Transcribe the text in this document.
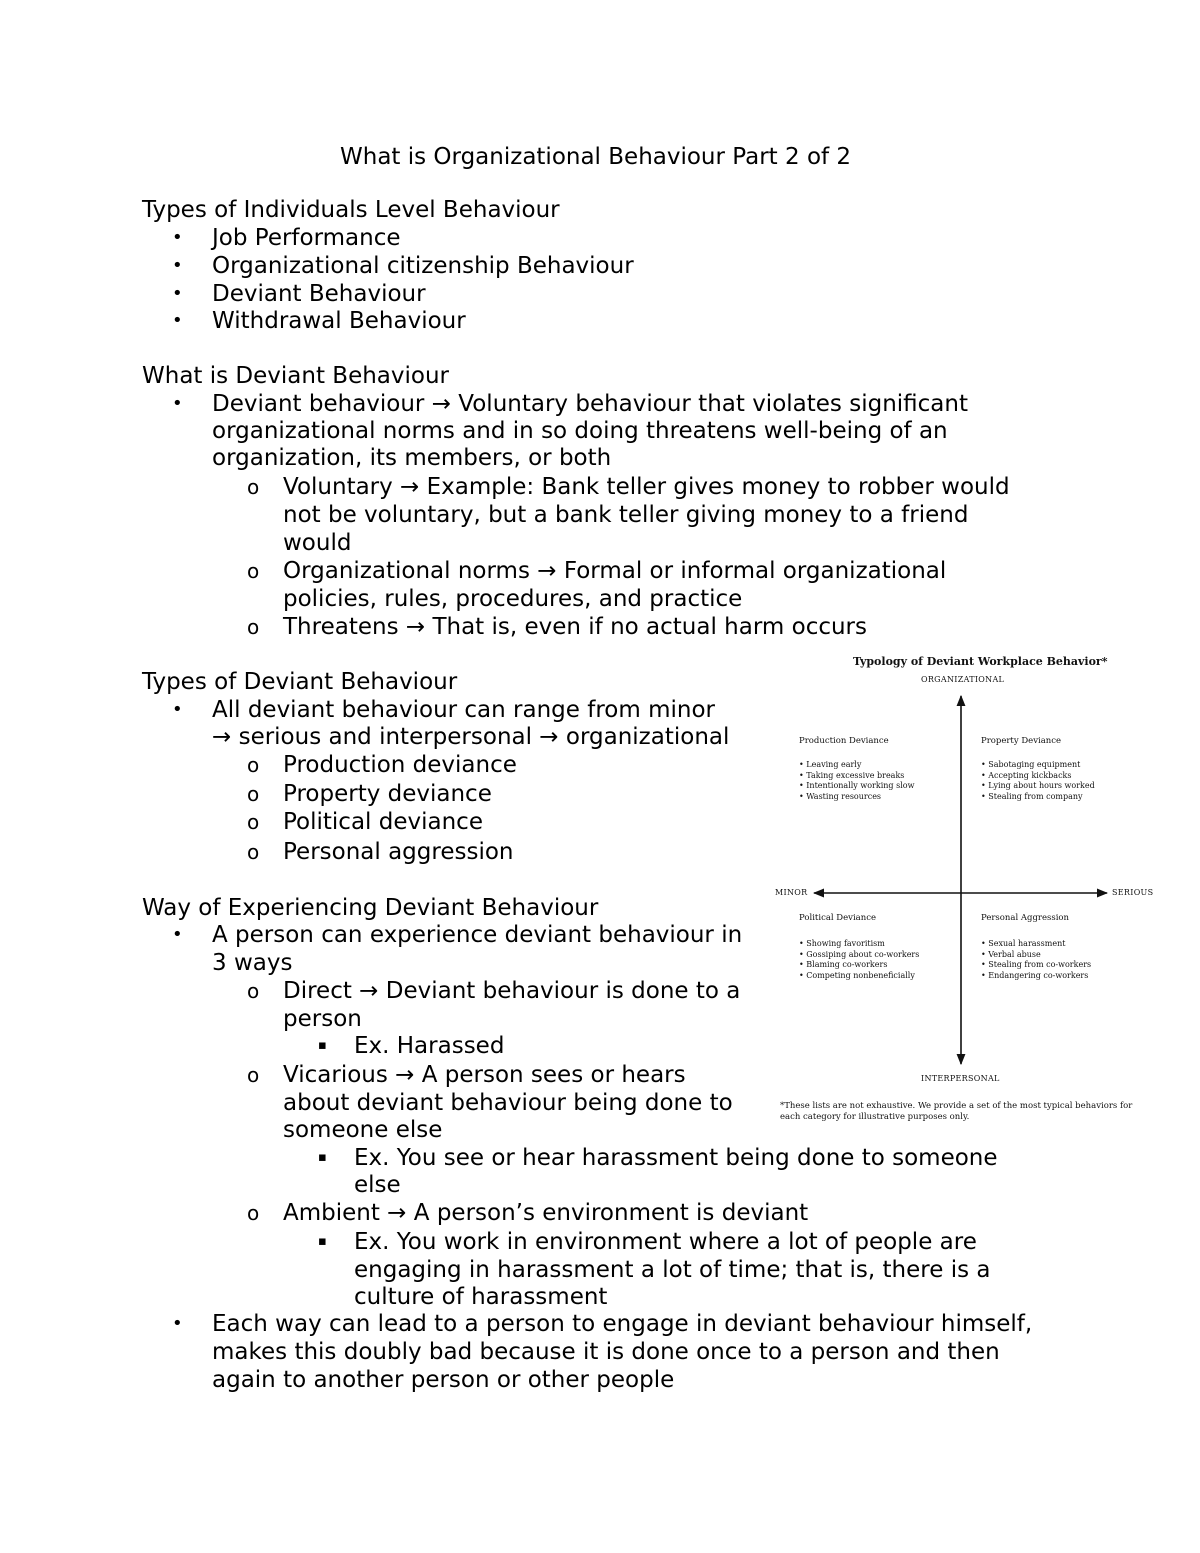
What is Organizational Behaviour Part 2 of 2

Types of Individuals Level Behaviour

• Job Performance

• Organizational citizenship Behaviour

• Deviant Behaviour

• Withdrawal Behaviour

What is Deviant Behaviour

• Deviant behaviour → Voluntary behaviour that violates significant

organizational norms and in so doing threatens well-being of an

organization, its members, or both

o Voluntary → Example: Bank teller gives money to robber would

not be voluntary, but a bank teller giving money to a friend

would

o Organizational norms → Formal or informal organizational

policies, rules, procedures, and practice

o Threatens → That is, even if no actual harm occurs

Types of Deviant Behaviour

• All deviant behaviour can range from minor

→ serious and interpersonal → organizational

o Production deviance

o Property deviance

o Political deviance

o Personal aggression

Way of Experiencing Deviant Behaviour

• A person can experience deviant behaviour in

3 ways

o Direct → Deviant behaviour is done to a

person

▪ Ex. Harassed

o Vicarious → A person sees or hears

about deviant behaviour being done to

someone else

▪ Ex. You see or hear harassment being done to someone

else

o Ambient → A person’s environment is deviant

▪ Ex. You work in environment where a lot of people are

engaging in harassment a lot of time; that is, there is a

culture of harassment

• Each way can lead to a person to engage in deviant behaviour himself,

makes this doubly bad because it is done once to a person and then

again to another person or other people

Typology of Deviant Workplace Behavior*

ORGANIZATIONAL

INTERPERSONAL

MINOR	SERIOUS

Production Deviance

• Leaving early
• Taking excessive breaks
• Intentionally working slow
• Wasting resources

Property Deviance

• Sabotaging equipment
• Accepting kickbacks
• Lying about hours worked
• Stealing from company

Political Deviance

• Showing favoritism
• Gossiping about co-workers
• Blaming co-workers
• Competing nonbeneficially

Personal Aggression

• Sexual harassment
• Verbal abuse
• Stealing from co-workers
• Endangering co-workers

*These lists are not exhaustive. We provide a set of the most typical behaviors for each category for illustrative purposes only.
